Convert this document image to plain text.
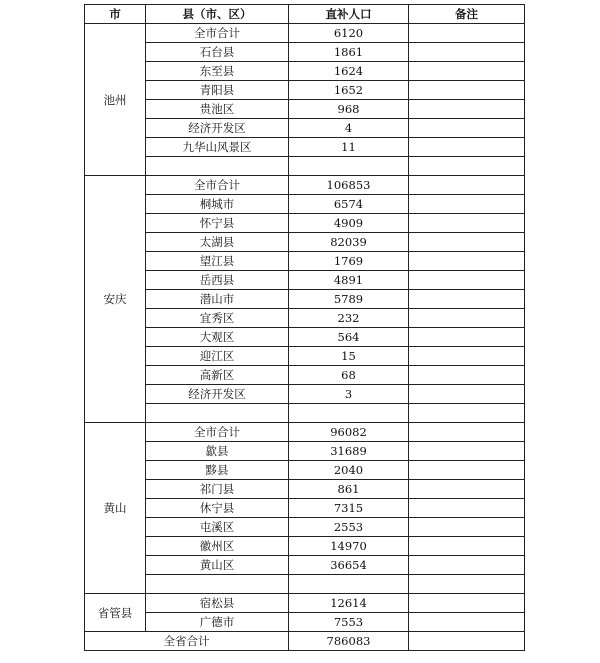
市	县（市、区）	直补人口	备注
池州	全市合计	6120	
	石台县	1861	
	东至县	1624	
	青阳县	1652	
	贵池区	968	
	经济开发区	4	
	九华山风景区	11	

安庆	全市合计	106853	
	桐城市	6574	
	怀宁县	4909	
	太湖县	82039	
	望江县	1769	
	岳西县	4891	
	潜山市	5789	
	宜秀区	232	
	大观区	564	
	迎江区	15	
	高新区	68	
	经济开发区	3	

黄山	全市合计	96082	
	歙县	31689	
	黟县	2040	
	祁门县	861	
	休宁县	7315	
	屯溪区	2553	
	徽州区	14970	
	黄山区	36654	

省管县	宿松县	12614	
	广德市	7553	
全省合计		786083	
